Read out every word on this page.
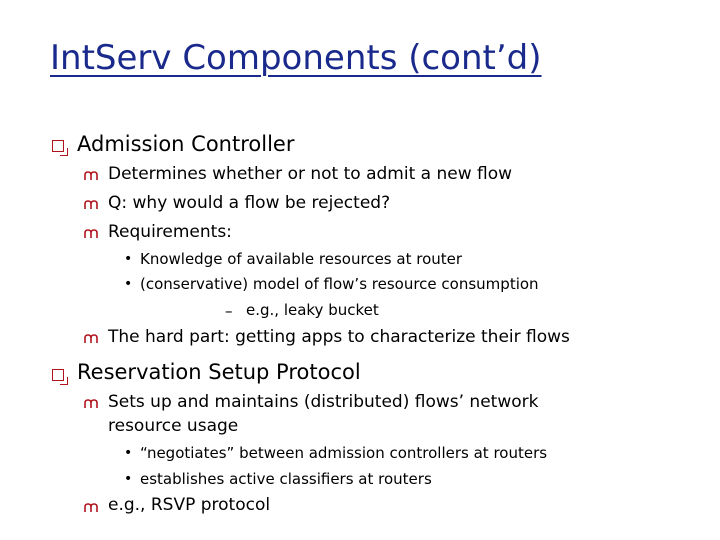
IntServ Components (cont’d)
Admission Controller
Determines whether or not to admit a new flow
Q: why would a flow be rejected?
Requirements:
• Knowledge of available resources at router
• (conservative) model of flow’s resource consumption
– e.g., leaky bucket
The hard part: getting apps to characterize their flows
Reservation Setup Protocol
Sets up and maintains (distributed) flows’ network
resource usage
• “negotiates” between admission controllers at routers
• establishes active classifiers at routers
e.g., RSVP protocol
